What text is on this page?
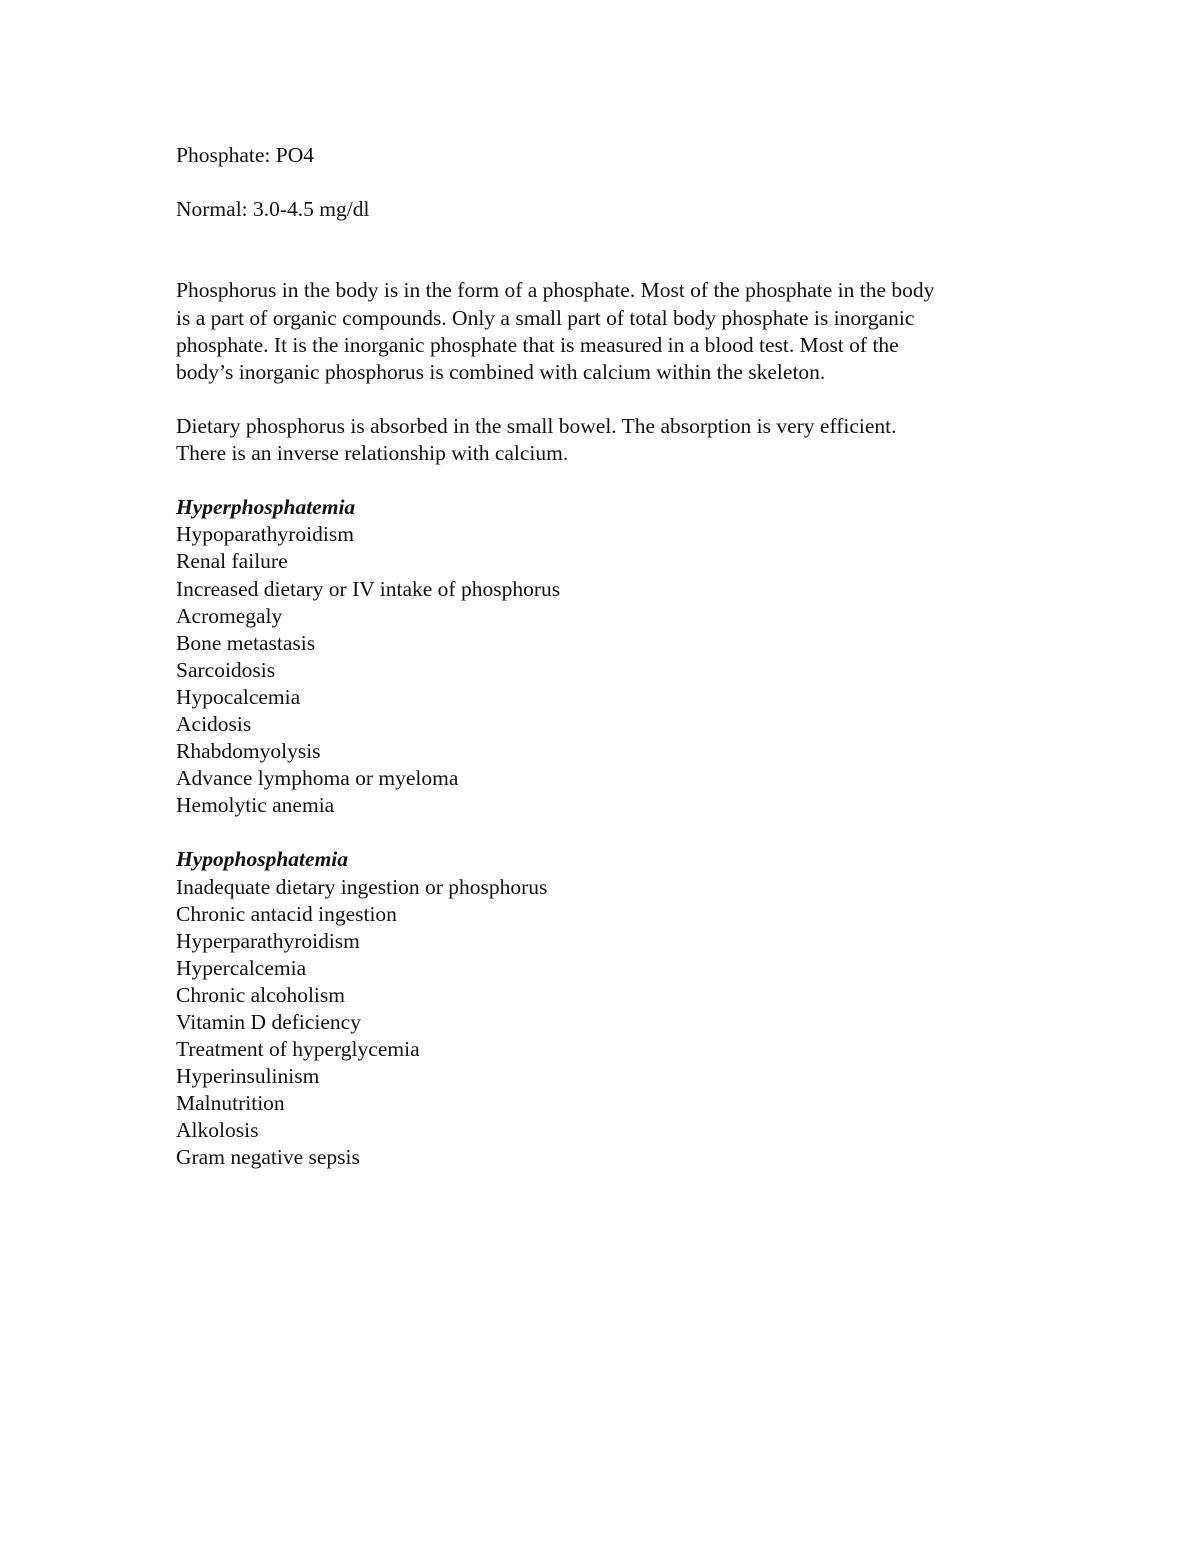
Phosphate: PO4
Normal: 3.0-4.5 mg/dl
Phosphorus in the body is in the form of a phosphate. Most of the phosphate in the body
is a part of organic compounds. Only a small part of total body phosphate is inorganic
phosphate. It is the inorganic phosphate that is measured in a blood test. Most of the
body’s inorganic phosphorus is combined with calcium within the skeleton.
Dietary phosphorus is absorbed in the small bowel. The absorption is very efficient.
There is an inverse relationship with calcium.
Hyperphosphatemia
Hypoparathyroidism
Renal failure
Increased dietary or IV intake of phosphorus
Acromegaly
Bone metastasis
Sarcoidosis
Hypocalcemia
Acidosis
Rhabdomyolysis
Advance lymphoma or myeloma
Hemolytic anemia
Hypophosphatemia
Inadequate dietary ingestion or phosphorus
Chronic antacid ingestion
Hyperparathyroidism
Hypercalcemia
Chronic alcoholism
Vitamin D deficiency
Treatment of hyperglycemia
Hyperinsulinism
Malnutrition
Alkolosis
Gram negative sepsis
